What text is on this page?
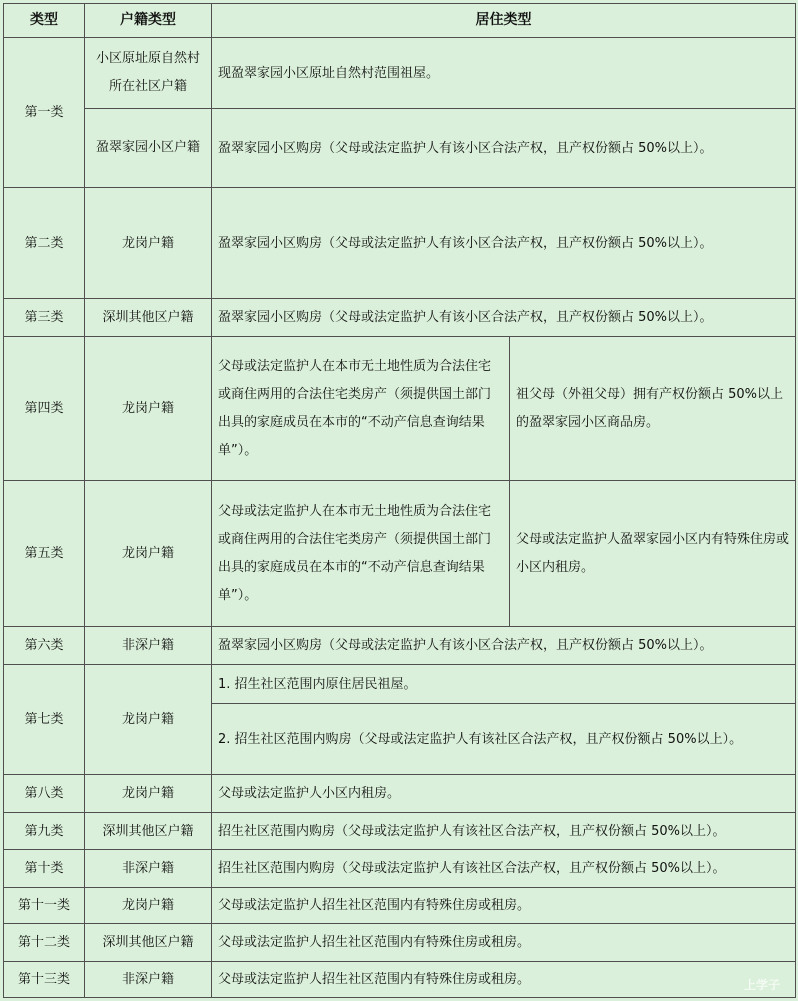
类型	户籍类型	居住类型	
第一类	小区原址原自然村所在社区户籍	现盈翠家园小区原址自然村范围祖屋。	
	盈翠家园小区户籍	盈翠家园小区购房（父母或法定监护人有该小区合法产权，且产权份额占 50%以上）。	
第二类	龙岗户籍	盈翠家园小区购房（父母或法定监护人有该小区合法产权，且产权份额占 50%以上）。	
第三类	深圳其他区户籍	盈翠家园小区购房（父母或法定监护人有该小区合法产权，且产权份额占 50%以上）。	
第四类	龙岗户籍	父母或法定监护人在本市无土地性质为合法住宅或商住两用的合法住宅类房产（须提供国土部门出具的家庭成员在本市的“不动产信息查询结果单”）。	祖父母（外祖父母）拥有产权份额占 50%以上的盈翠家园小区商品房。
第五类	龙岗户籍	父母或法定监护人在本市无土地性质为合法住宅或商住两用的合法住宅类房产（须提供国土部门出具的家庭成员在本市的“不动产信息查询结果单”）。	父母或法定监护人盈翠家园小区内有特殊住房或小区内租房。
第六类	非深户籍	盈翠家园小区购房（父母或法定监护人有该小区合法产权，且产权份额占 50%以上）。	
第七类	龙岗户籍	1. 招生社区范围内原住居民祖屋。	
		2. 招生社区范围内购房（父母或法定监护人有该社区合法产权，且产权份额占 50%以上）。	
第八类	龙岗户籍	父母或法定监护人小区内租房。	
第九类	深圳其他区户籍	招生社区范围内购房（父母或法定监护人有该社区合法产权，且产权份额占 50%以上）。	
第十类	非深户籍	招生社区范围内购房（父母或法定监护人有该社区合法产权，且产权份额占 50%以上）。	
第十一类	龙岗户籍	父母或法定监护人招生社区范围内有特殊住房或租房。	
第十二类	深圳其他区户籍	父母或法定监护人招生社区范围内有特殊住房或租房。	
第十三类	非深户籍	父母或法定监护人招生社区范围内有特殊住房或租房。		上学子
